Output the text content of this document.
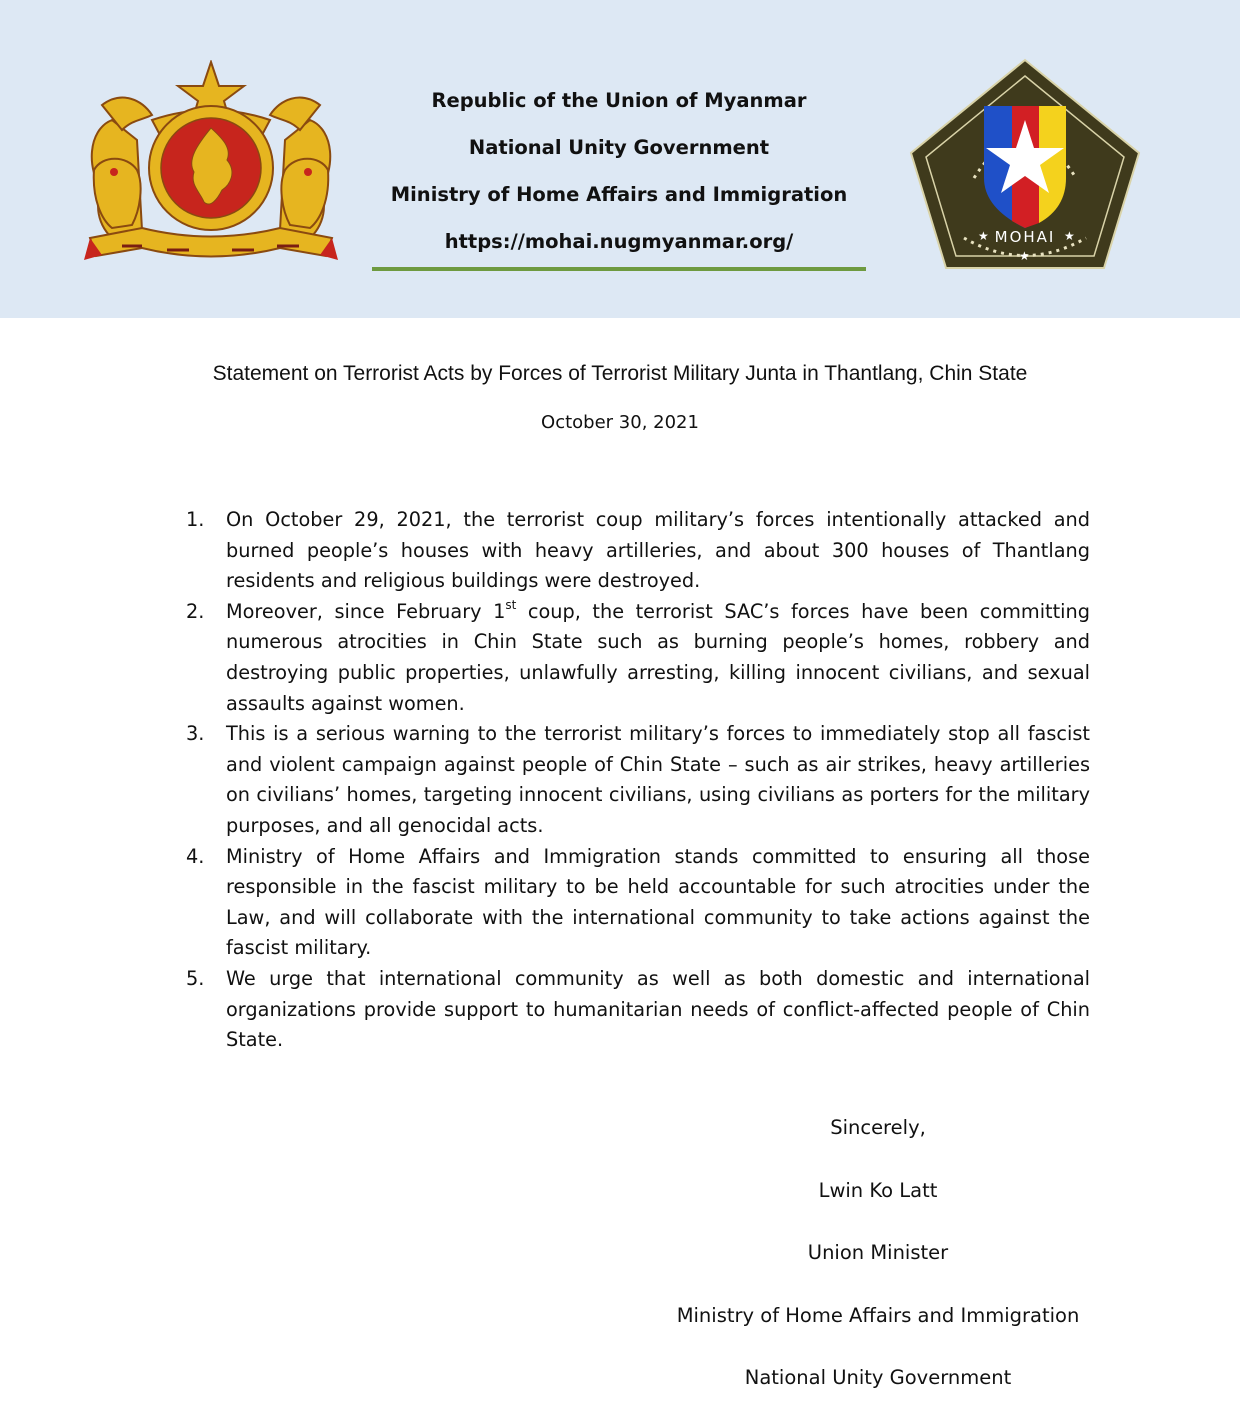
Republic of the Union of Myanmar
National Unity Government
Ministry of Home Affairs and Immigration
https://mohai.nugmyanmar.org/	★	★
★
MOHAI
Statement on Terrorist Acts by Forces of Terrorist Military Junta in Thantlang, Chin State
October 30, 2021
1. On October 29, 2021, the terrorist coup military’s forces intentionally attacked and burned people’s houses with heavy artilleries, and about 300 houses of Thantlang residents and religious buildings were destroyed.
2. Moreover, since February 1st coup, the terrorist SAC’s forces have been committing numerous atrocities in Chin State such as burning people’s homes, robbery and destroying public properties, unlawfully arresting, killing innocent civilians, and sexual assaults against women.
3. This is a serious warning to the terrorist military’s forces to immediately stop all fascist and violent campaign against people of Chin State – such as air strikes, heavy artilleries on civilians’ homes, targeting innocent civilians, using civilians as porters for the military purposes, and all genocidal acts.
4. Ministry of Home Affairs and Immigration stands committed to ensuring all those responsible in the fascist military to be held accountable for such atrocities under the Law, and will collaborate with the international community to take actions against the fascist military.
5. We urge that international community as well as both domestic and international organizations provide support to humanitarian needs of conflict-affected people of Chin State.
Sincerely,
Lwin Ko Latt
Union Minister
Ministry of Home Affairs and Immigration
National Unity Government
